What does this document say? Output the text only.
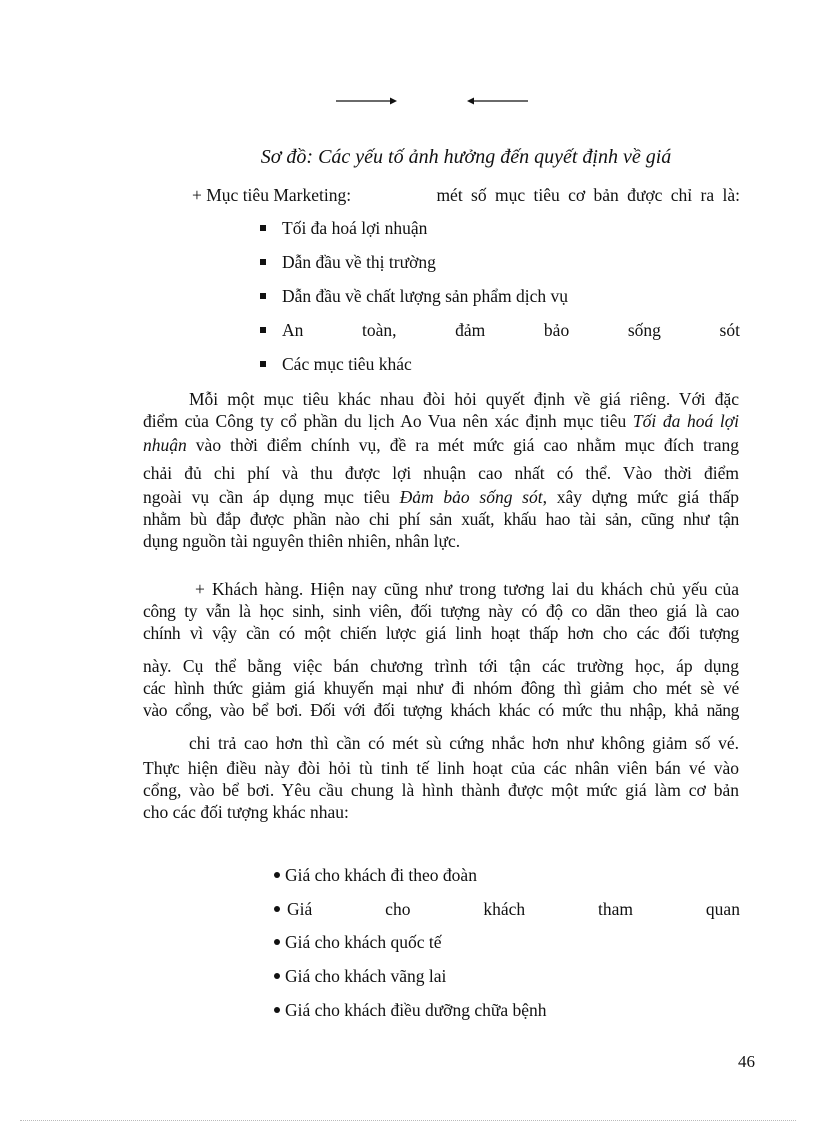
Sơ đồ: Các yếu tố ảnh hưởng đến quyết định về giá
+ Mục tiêu Marketing:	mét số mục tiêu cơ bản được chỉ ra là:
Tối đa hoá lợi nhuận
Dẫn đầu về thị trường
Dẫn đầu về chất lượng sản phẩm dịch vụ
An	toàn,	đảm	bảo	sống	sót
Các mục tiêu khác
Mỗi một mục tiêu khác nhau đòi hỏi quyết định về giá riêng. Với đặc
điểm của Công ty cổ phần du lịch Ao Vua nên xác định mục tiêu Tối đa hoá lợi
nhuận vào thời điểm chính vụ, đề ra mét mức giá cao nhằm mục đích trang
chải đủ chi phí và thu được lợi nhuận cao nhất có thể. Vào thời điểm
ngoài vụ cần áp dụng mục tiêu Đảm bảo sống sót, xây dựng mức giá thấp
nhằm bù đắp được phần nào chi phí sản xuất, khấu hao tài sản, cũng như tận
dụng nguồn tài nguyên thiên nhiên, nhân lực.
+ Khách hàng. Hiện nay cũng như trong tương lai du khách chủ yếu của
công ty vẫn là học sinh, sinh viên, đối tượng này có độ co dãn theo giá là cao
chính vì vậy cần có một chiến lược giá linh hoạt thấp hơn cho các đối tượng
này. Cụ thể bằng việc bán chương trình tới tận các trường học, áp dụng
các hình thức giảm giá khuyến mại như đi nhóm đông thì giảm cho mét sè vé
vào cổng, vào bể bơi. Đối với đối tượng khách khác có mức thu nhập, khả năng
chi trả cao hơn thì cần có mét sù cứng nhắc hơn như không giảm số vé.
Thực hiện điều này đòi hỏi tù tinh tế linh hoạt của các nhân viên bán vé vào
cổng, vào bể bơi. Yêu cầu chung là hình thành được một mức giá làm cơ bản
cho các đối tượng khác nhau:
Giá cho khách đi theo đoàn
Giá	cho	khách	tham	quan
Giá cho khách quốc tế
Giá cho khách vãng lai
Giá cho khách điều dưỡng chữa bệnh
46
